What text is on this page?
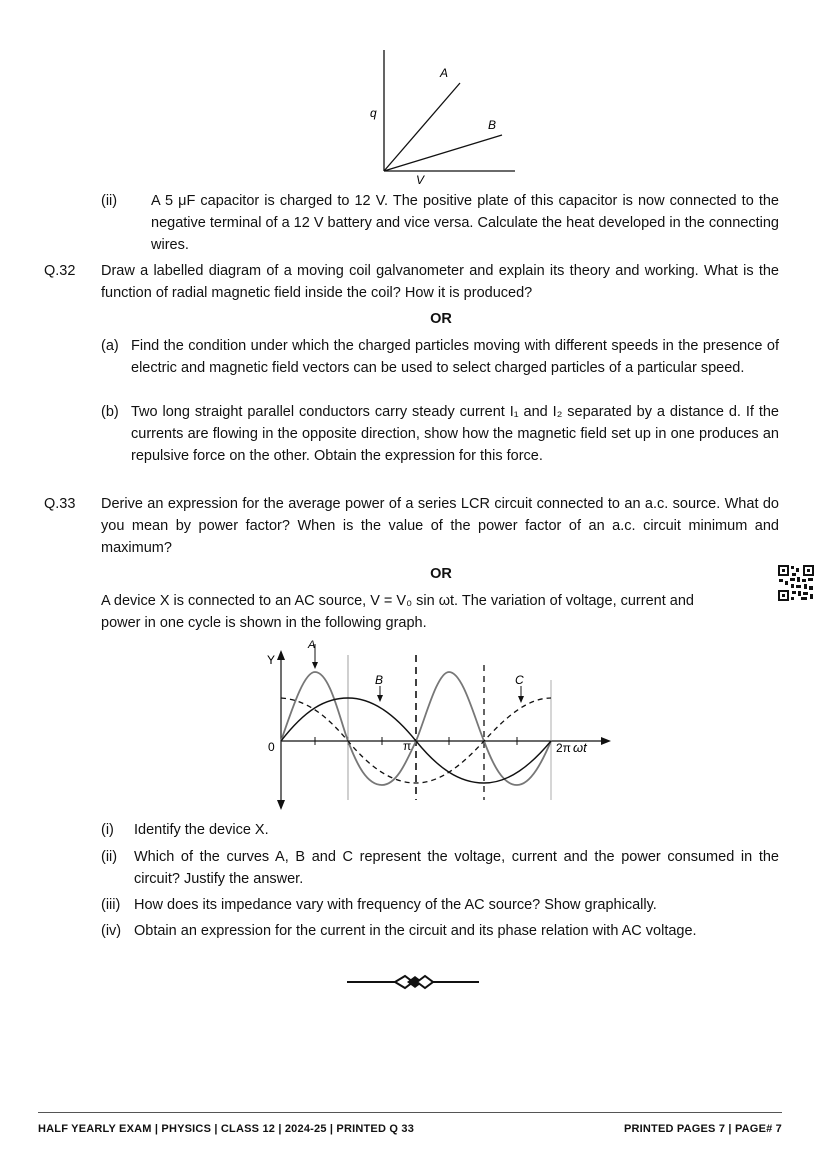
q
V
A
B
(ii) A 5 μF capacitor is charged to 12 V. The positive plate of this capacitor is now connected to the negative terminal of a 12 V battery and vice versa. Calculate the heat developed in the connecting wires.
Q.32 Draw a labelled diagram of a moving coil galvanometer and explain its theory and working. What is the function of radial magnetic field inside the coil? How it is produced?
OR
(a) Find the condition under which the charged particles moving with different speeds in the presence of electric and magnetic field vectors can be used to select charged particles of a particular speed.
(b) Two long straight parallel conductors carry steady current I₁ and I₂ separated by a distance d. If the currents are flowing in the opposite direction, show how the magnetic field set up in one produces an repulsive force on the other. Obtain the expression for this force.
Q.33 Derive an expression for the average power of a series LCR circuit connected to an a.c. source. What do you mean by power factor? When is the value of the power factor of an a.c. circuit minimum and maximum?
OR
A device X is connected to an AC source, V = V₀ sin ωt. The variation of voltage, current and
power in one cycle is shown in the following graph.
Y
A
B	C
0	π	2π ωt
(i) Identify the device X.
(ii) Which of the curves A, B and C represent the voltage, current and the power consumed in the circuit? Justify the answer.
(iii) How does its impedance vary with frequency of the AC source? Show graphically.
(iv) Obtain an expression for the current in the circuit and its phase relation with AC voltage.
HALF YEARLY EXAM | PHYSICS | CLASS 12 | 2024-25 | PRINTED Q 33	PRINTED PAGES 7 | PAGE# 7
